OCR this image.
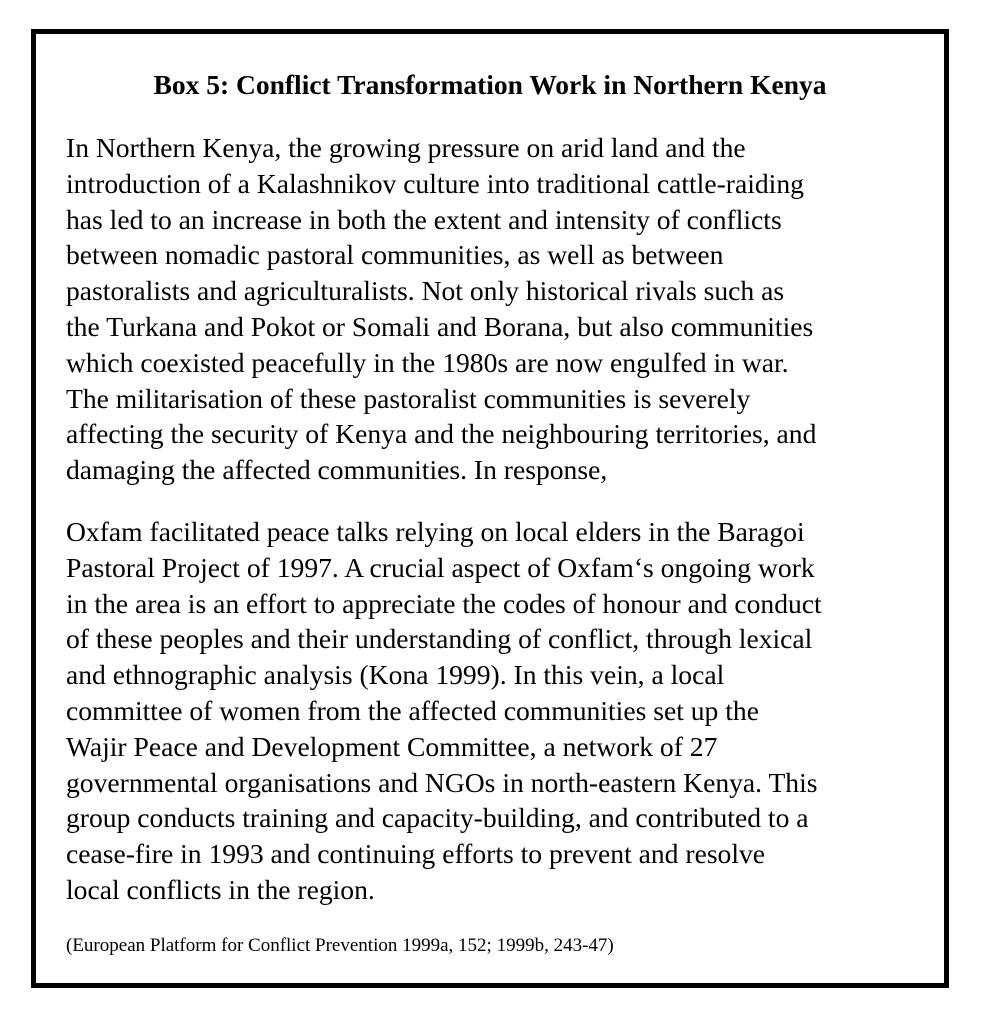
Box 5: Conflict Transformation Work in Northern Kenya

In Northern Kenya, the growing pressure on arid land and the
introduction of a Kalashnikov culture into traditional cattle-raiding
has led to an increase in both the extent and intensity of conflicts
between nomadic pastoral communities, as well as between
pastoralists and agriculturalists. Not only historical rivals such as
the Turkana and Pokot or Somali and Borana, but also communities
which coexisted peacefully in the 1980s are now engulfed in war.
The militarisation of these pastoralist communities is severely
affecting the security of Kenya and the neighbouring territories, and
damaging the affected communities. In response,

Oxfam facilitated peace talks relying on local elders in the Baragoi
Pastoral Project of 1997. A crucial aspect of Oxfam‘s ongoing work
in the area is an effort to appreciate the codes of honour and conduct
of these peoples and their understanding of conflict, through lexical
and ethnographic analysis (Kona 1999). In this vein, a local
committee of women from the affected communities set up the
Wajir Peace and Development Committee, a network of 27
governmental organisations and NGOs in north-eastern Kenya. This
group conducts training and capacity-building, and contributed to a
cease-fire in 1993 and continuing efforts to prevent and resolve
local conflicts in the region.

(European Platform for Conflict Prevention 1999a, 152; 1999b, 243-47)
